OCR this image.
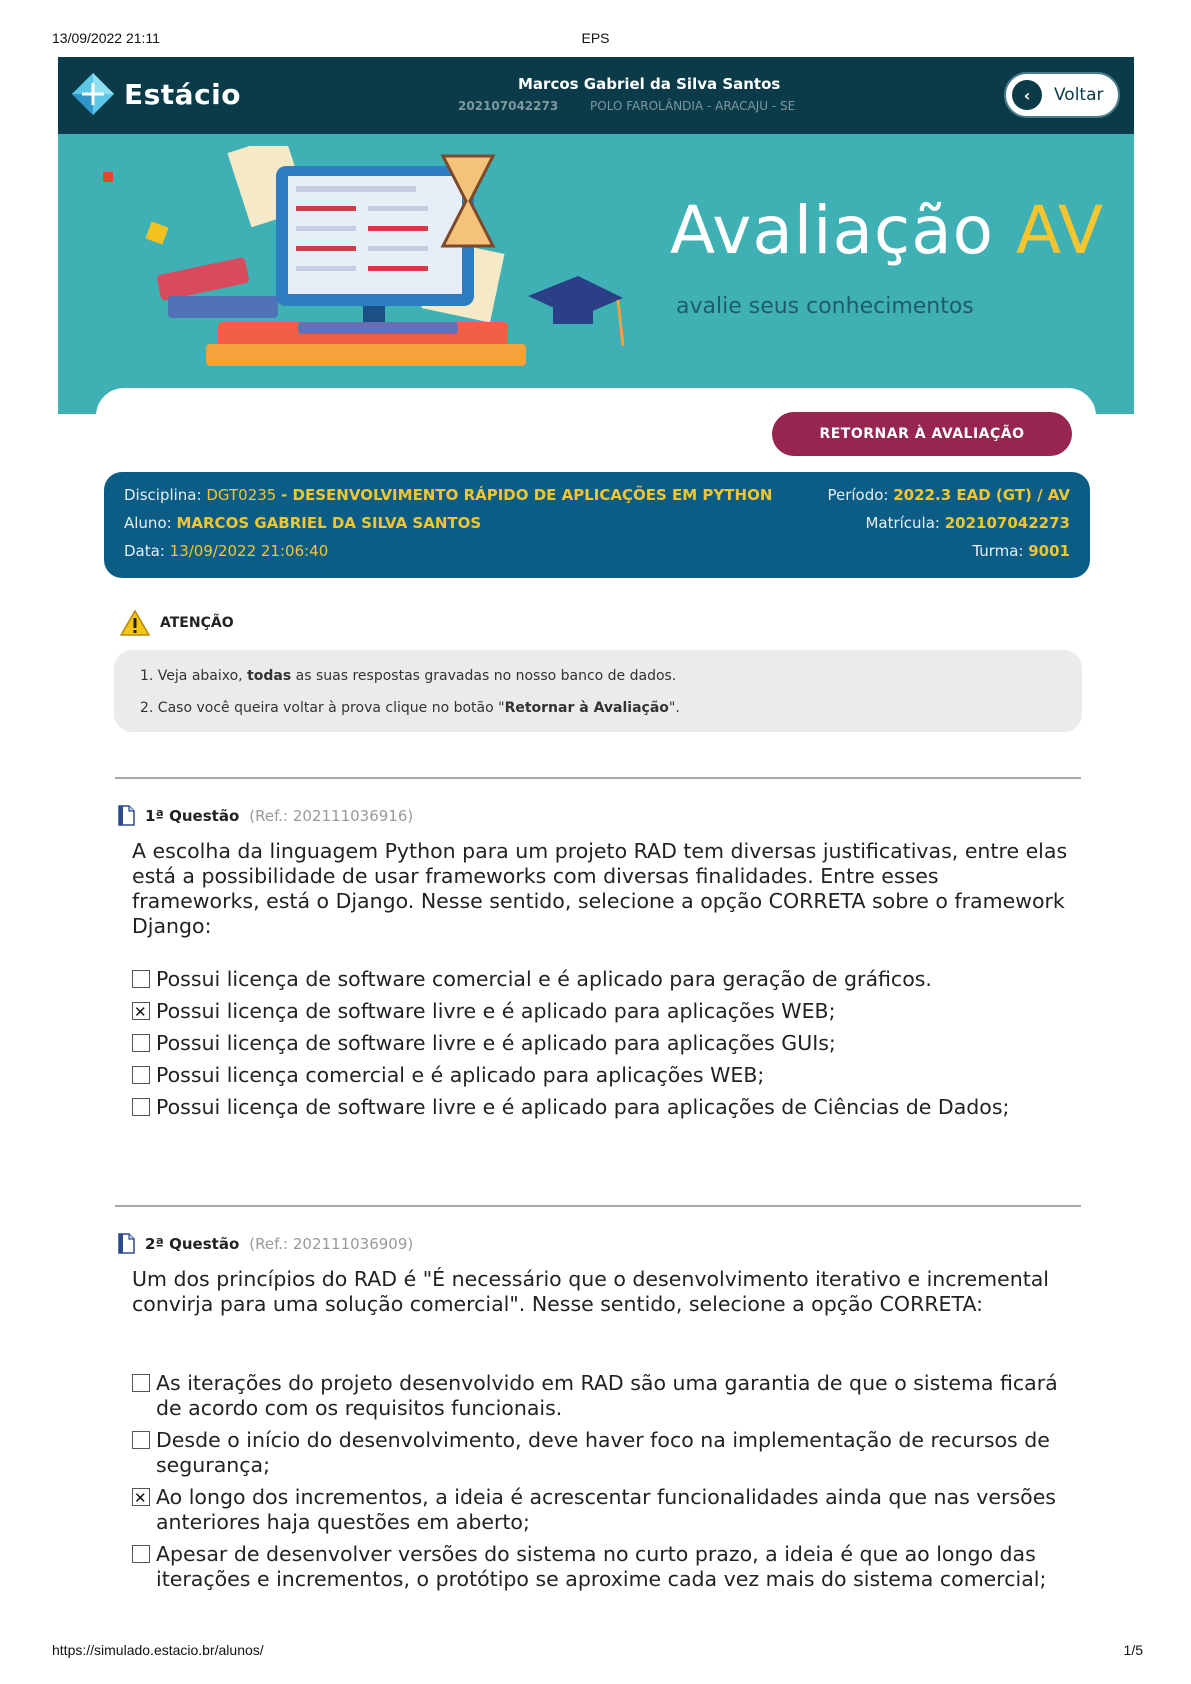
13/09/2022 21:11	EPS
Estácio	Marcos Gabriel da Silva Santos
202107042273	POLO FAROLÂNDIA - ARACAJU - SE
‹	Voltar
Avaliação AV
avalie seus conhecimentos
RETORNAR À AVALIAÇÃO
Disciplina: DGT0235 - DESENVOLVIMENTO RÁPIDO DE APLICAÇÕES EM PYTHON	Período: 2022.3 EAD (GT) / AV
Aluno: MARCOS GABRIEL DA SILVA SANTOS	Matrícula: 202107042273
Data: 13/09/2022 21:06:40	Turma: 9001
ATENÇÃO
1. Veja abaixo, todas as suas respostas gravadas no nosso banco de dados.
2. Caso você queira voltar à prova clique no botão "Retornar à Avaliação".
1ª Questão (Ref.: 202111036916)
A escolha da linguagem Python para um projeto RAD tem diversas justificativas, entre elas está a possibilidade de usar frameworks com diversas finalidades. Entre esses frameworks, está o Django. Nesse sentido, selecione a opção CORRETA sobre o framework Django:
Possui licença de software comercial e é aplicado para geração de gráficos.
✕
Possui licença de software livre e é aplicado para aplicações WEB;
Possui licença de software livre e é aplicado para aplicações GUIs;
Possui licença comercial e é aplicado para aplicações WEB;
Possui licença de software livre e é aplicado para aplicações de Ciências de Dados;
2ª Questão (Ref.: 202111036909)
Um dos princípios do RAD é "É necessário que o desenvolvimento iterativo e incremental convirja para uma solução comercial". Nesse sentido, selecione a opção CORRETA:
As iterações do projeto desenvolvido em RAD são uma garantia de que o sistema ficará de acordo com os requisitos funcionais.
Desde o início do desenvolvimento, deve haver foco na implementação de recursos de segurança;
✕
Ao longo dos incrementos, a ideia é acrescentar funcionalidades ainda que nas versões anteriores haja questões em aberto;
Apesar de desenvolver versões do sistema no curto prazo, a ideia é que ao longo das iterações e incrementos, o protótipo se aproxime cada vez mais do sistema comercial;
https://simulado.estacio.br/alunos/	1/5
